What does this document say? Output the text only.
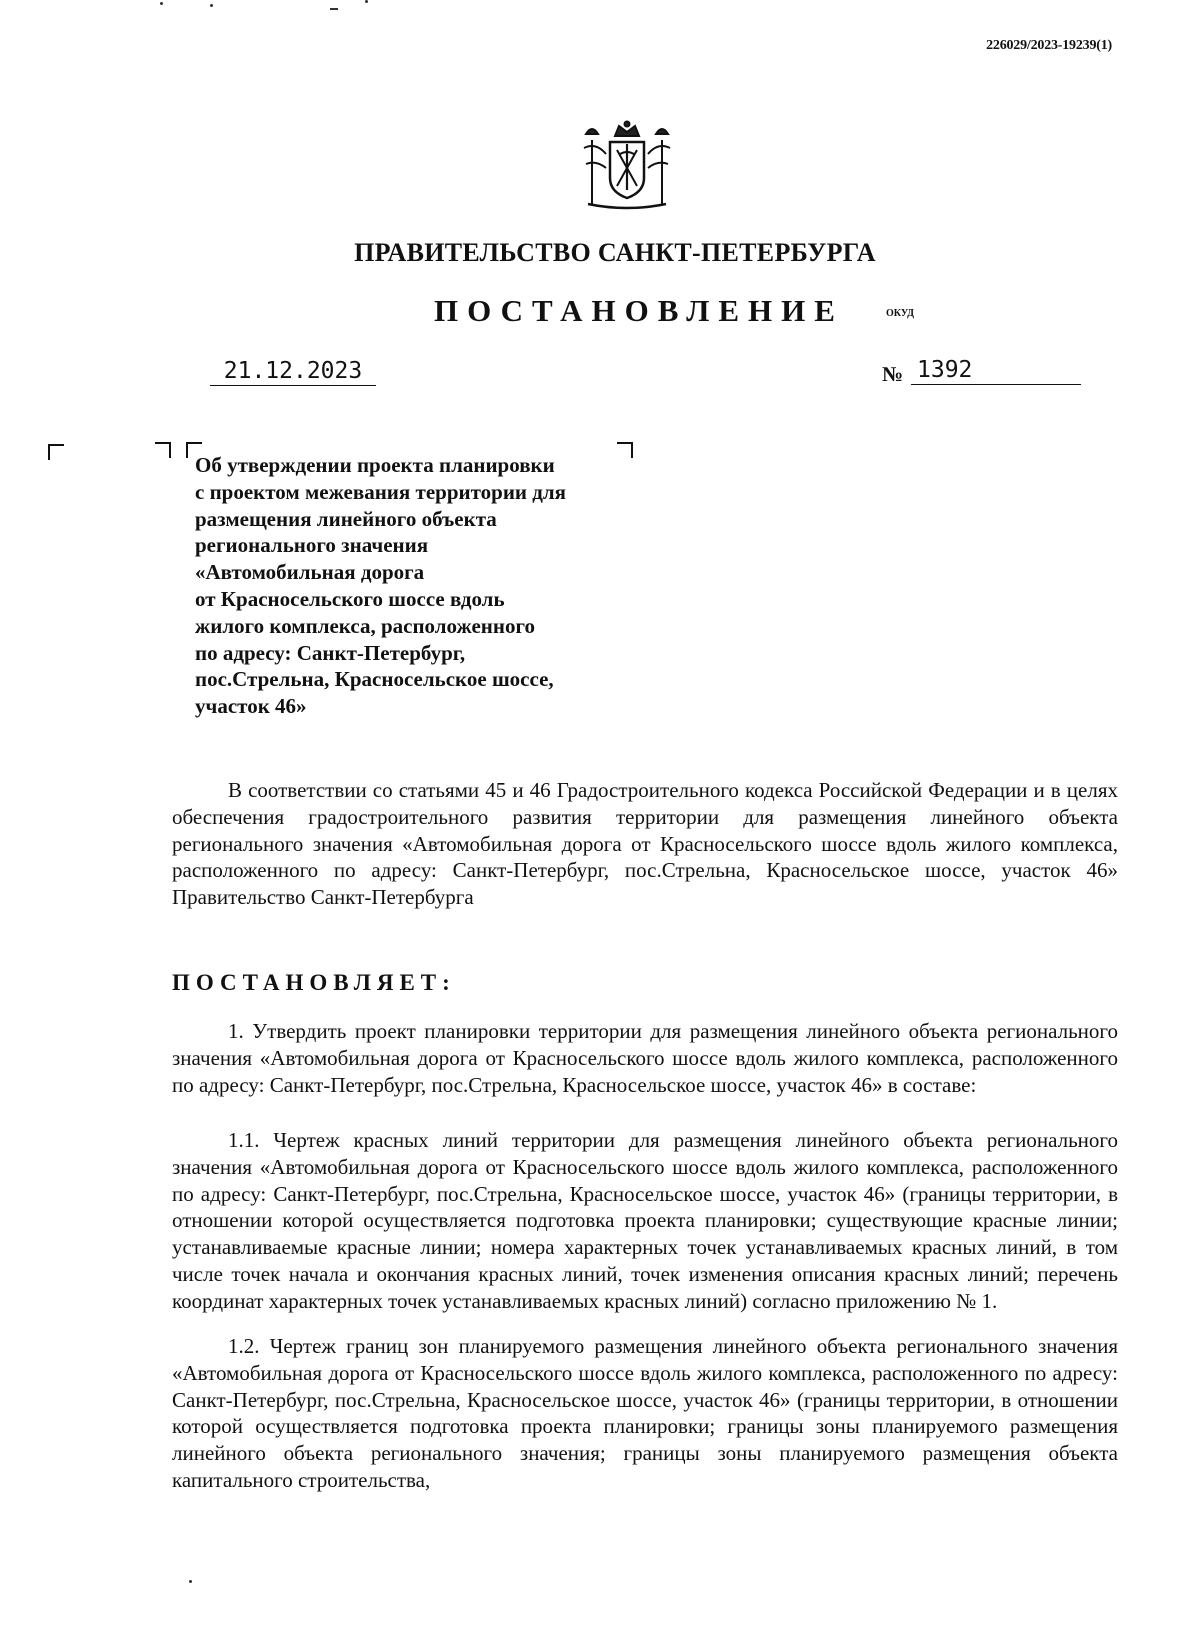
226029/2023-19239(1)
ПРАВИТЕЛЬСТВО САНКТ-ПЕТЕРБУРГА
ПОСТАНОВЛЕНИЕ	ОКУД
21.12.2023	№ 1392
Об утверждении проекта планировки
с проектом межевания территории для
размещения линейного объекта
регионального значения
«Автомобильная дорога
от Красносельского шоссе вдоль
жилого комплекса, расположенного
по адресу: Санкт-Петербург,
пос.Стрельна, Красносельское шоссе,
участок 46»

В соответствии со статьями 45 и 46 Градостроительного кодекса Российской Федерации и в целях обеспечения градостроительного развития территории для размещения линейного объекта регионального значения «Автомобильная дорога от Красносельского шоссе вдоль жилого комплекса, расположенного по адресу: Санкт-Петербург, пос.Стрельна, Красносельское шоссе, участок 46» Правительство Санкт-Петербурга

ПОСТАНОВЛЯЕТ:

1. Утвердить проект планировки территории для размещения линейного объекта регионального значения «Автомобильная дорога от Красносельского шоссе вдоль жилого комплекса, расположенного по адресу: Санкт-Петербург, пос.Стрельна, Красносельское шоссе, участок 46» в составе:

1.1. Чертеж красных линий территории для размещения линейного объекта регионального значения «Автомобильная дорога от Красносельского шоссе вдоль жилого комплекса, расположенного по адресу: Санкт-Петербург, пос.Стрельна, Красносельское шоссе, участок 46» (границы территории, в отношении которой осуществляется подготовка проекта планировки; существующие красные линии; устанавливаемые красные линии; номера характерных точек устанавливаемых красных линий, в том числе точек начала и окончания красных линий, точек изменения описания красных линий; перечень координат характерных точек устанавливаемых красных линий) согласно приложению № 1.

1.2. Чертеж границ зон планируемого размещения линейного объекта регионального значения «Автомобильная дорога от Красносельского шоссе вдоль жилого комплекса, расположенного по адресу: Санкт-Петербург, пос.Стрельна, Красносельское шоссе, участок 46» (границы территории, в отношении которой осуществляется подготовка проекта планировки; границы зоны планируемого размещения линейного объекта регионального значения; границы зоны планируемого размещения объекта капитального строительства,
